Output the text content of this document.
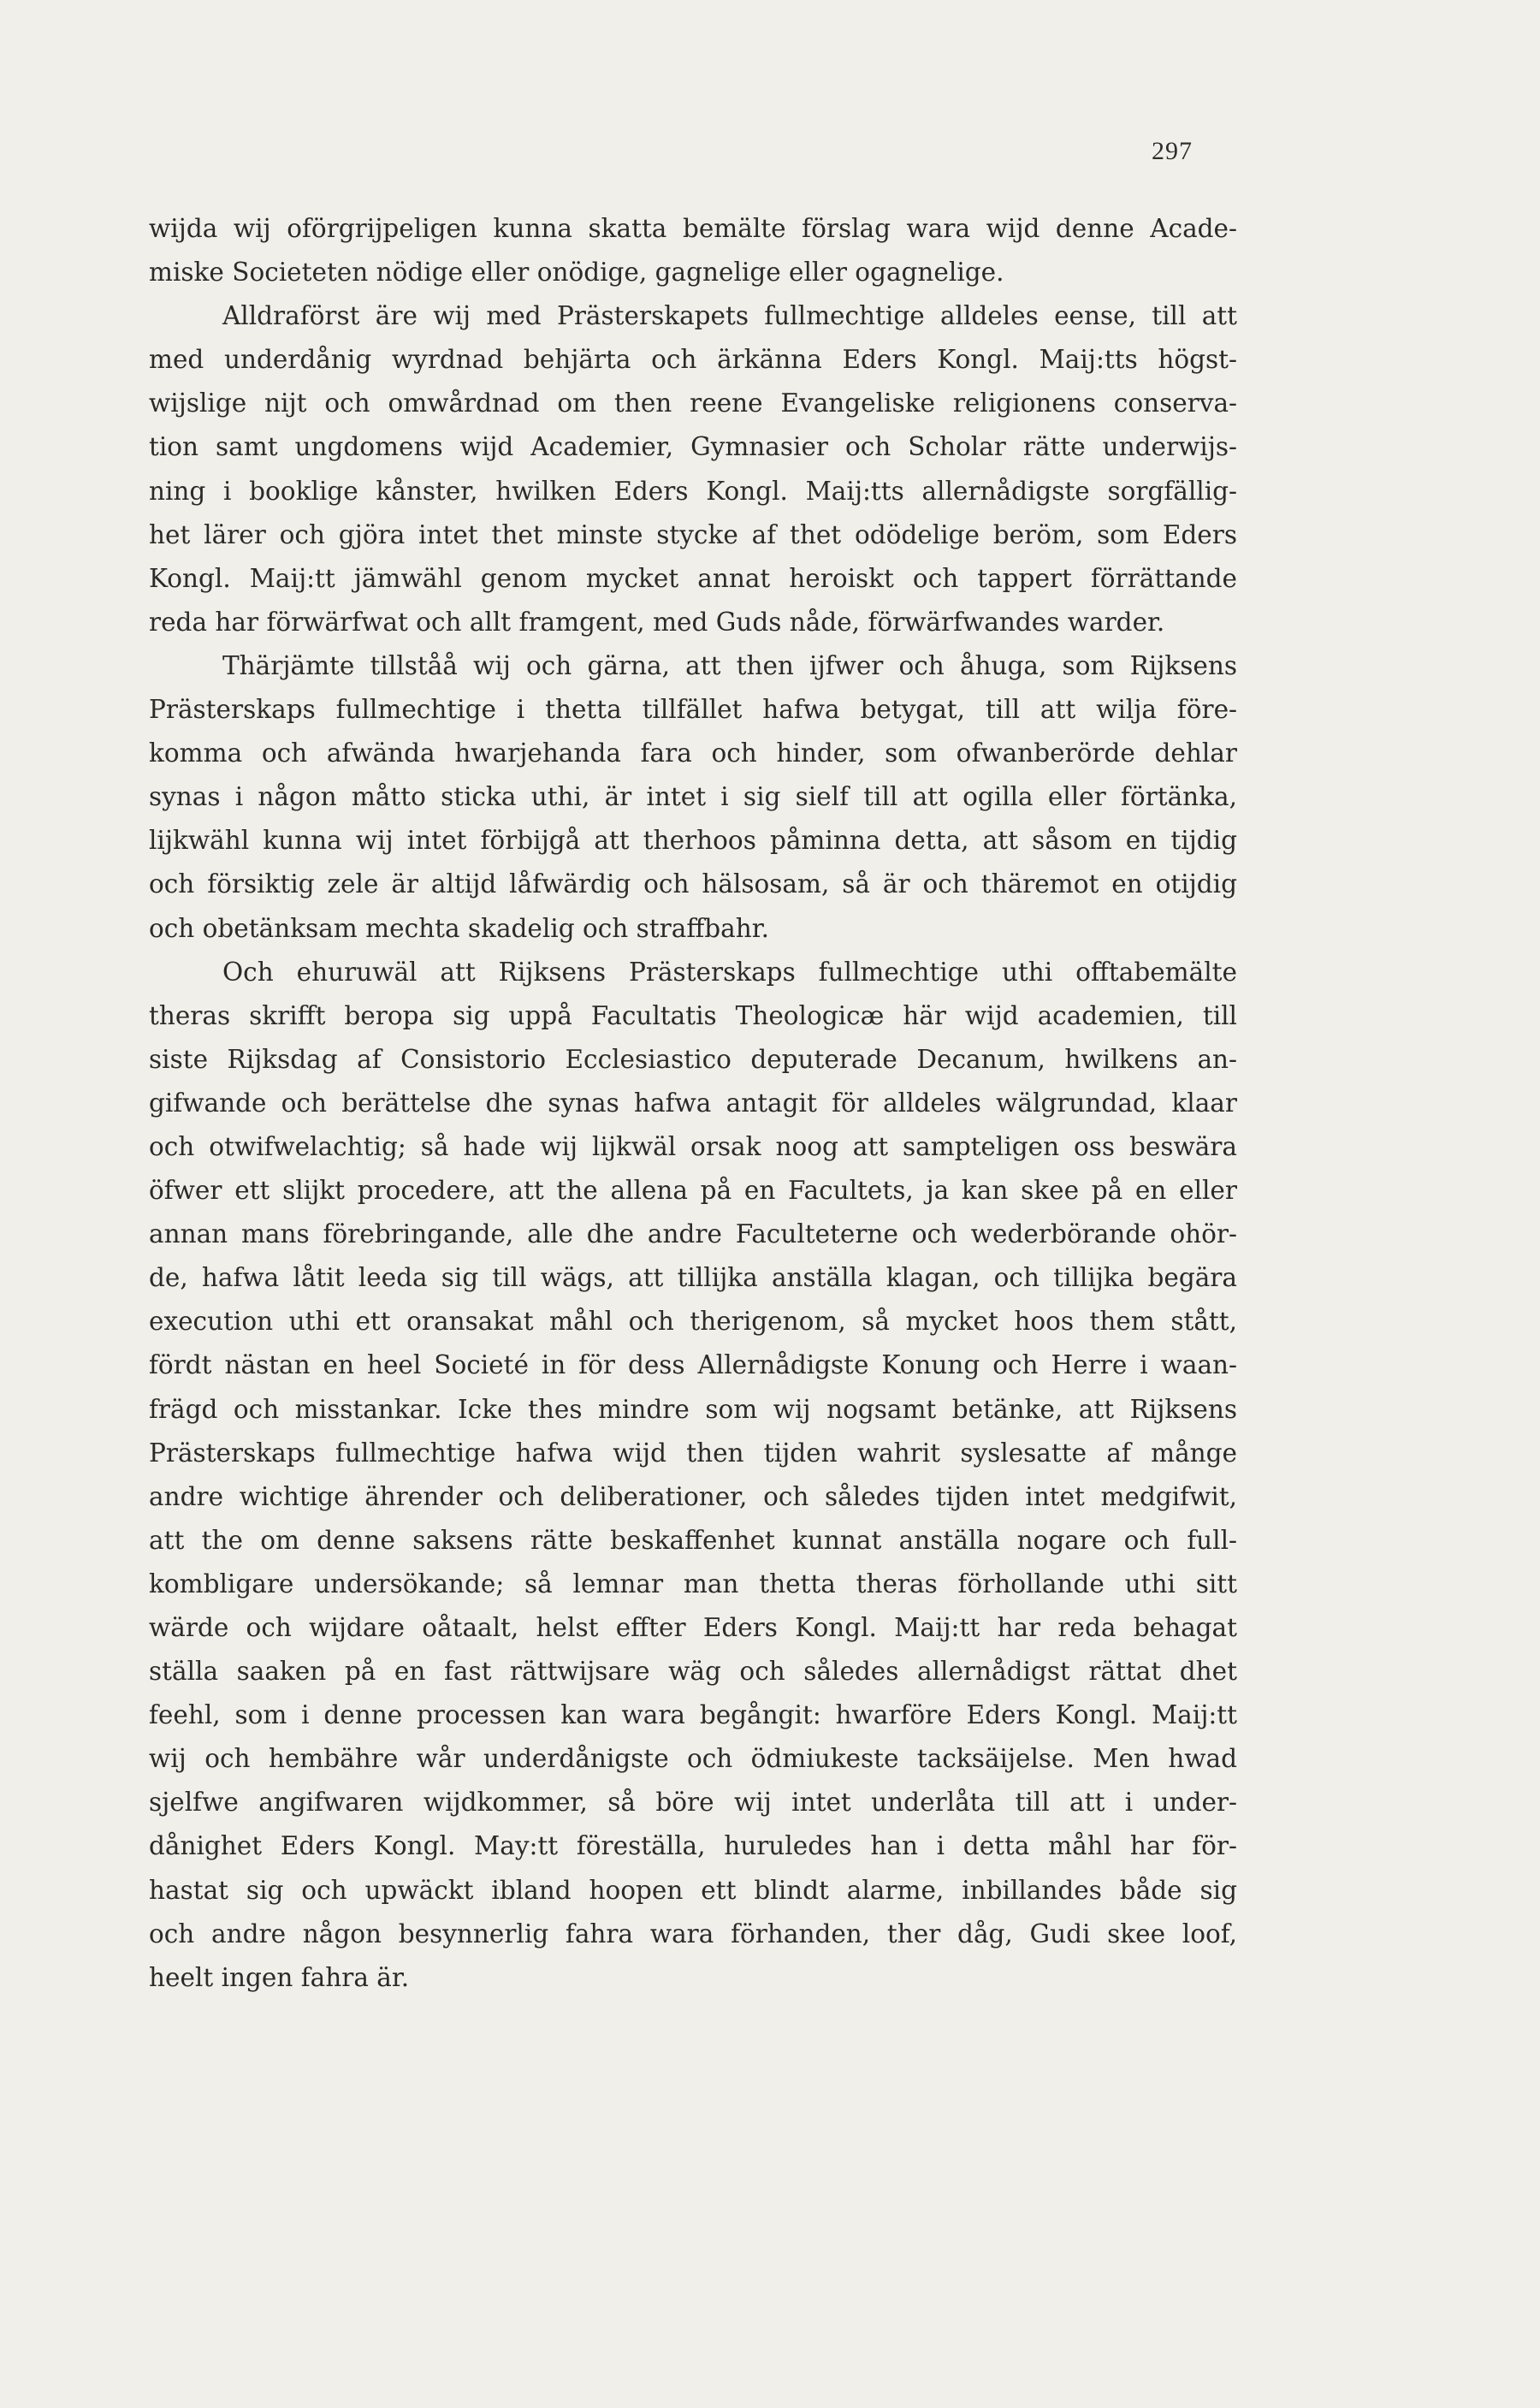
297
wijda wij oförgrijpeligen kunna skatta bemälte förslag wara wijd denne Acade-
miske Societeten nödige eller onödige, gagnelige eller ogagnelige.
Alldraförst äre wij med Prästerskapets fullmechtige alldeles eense, till att
med underdånig wyrdnad behjärta och ärkänna Eders Kongl. Maij:tts högst-
wijslige nijt och omwårdnad om then reene Evangeliske religionens conserva-
tion samt ungdomens wijd Academier, Gymnasier och Scholar rätte underwijs-
ning i booklige kånster, hwilken Eders Kongl. Maij:tts allernådigste sorgfällig-
het lärer och gjöra intet thet minste stycke af thet odödelige beröm, som Eders
Kongl. Maij:tt jämwähl genom mycket annat heroiskt och tappert förrättande
reda har förwärfwat och allt framgent, med Guds nåde, förwärfwandes warder.
Thärjämte tillståå wij och gärna, att then ijfwer och åhuga, som Rijksens
Prästerskaps fullmechtige i thetta tillfället hafwa betygat, till att wilja före-
komma och afwända hwarjehanda fara och hinder, som ofwanberörde dehlar
synas i någon måtto sticka uthi, är intet i sig sielf till att ogilla eller förtänka,
lijkwähl kunna wij intet förbijgå att therhoos påminna detta, att såsom en tijdig
och försiktig zele är altijd låfwärdig och hälsosam, så är och thäremot en otijdig
och obetänksam mechta skadelig och straffbahr.
Och ehuruwäl att Rijksens Prästerskaps fullmechtige uthi offtabemälte
theras skrifft beropa sig uppå Facultatis Theologicæ här wijd academien, till
siste Rijksdag af Consistorio Ecclesiastico deputerade Decanum, hwilkens an-
gifwande och berättelse dhe synas hafwa antagit för alldeles wälgrundad, klaar
och otwifwelachtig; så hade wij lijkwäl orsak noog att sampteligen oss beswära
öfwer ett slijkt procedere, att the allena på en Facultets, ja kan skee på en eller
annan mans förebringande, alle dhe andre Faculteterne och wederbörande ohör-
de, hafwa låtit leeda sig till wägs, att tillijka anställa klagan, och tillijka begära
execution uthi ett oransakat måhl och therigenom, så mycket hoos them stått,
fördt nästan en heel Societé in för dess Allernådigste Konung och Herre i waan-
frägd och misstankar. Icke thes mindre som wij nogsamt betänke, att Rijksens
Prästerskaps fullmechtige hafwa wijd then tijden wahrit syslesatte af månge
andre wichtige ährender och deliberationer, och således tijden intet medgifwit,
att the om denne saksens rätte beskaffenhet kunnat anställa nogare och full-
kombligare undersökande; så lemnar man thetta theras förhollande uthi sitt
wärde och wijdare oåtaalt, helst effter Eders Kongl. Maij:tt har reda behagat
ställa saaken på en fast rättwijsare wäg och således allernådigst rättat dhet
feehl, som i denne processen kan wara begångit: hwarföre Eders Kongl. Maij:tt
wij och hembähre wår underdånigste och ödmiukeste tacksäijelse. Men hwad
sjelfwe angifwaren wijdkommer, så böre wij intet underlåta till att i under-
dånighet Eders Kongl. May:tt föreställa, huruledes han i detta måhl har för-
hastat sig och upwäckt ibland hoopen ett blindt alarme, inbillandes både sig
och andre någon besynnerlig fahra wara förhanden, ther dåg, Gudi skee loof,
heelt ingen fahra är.
